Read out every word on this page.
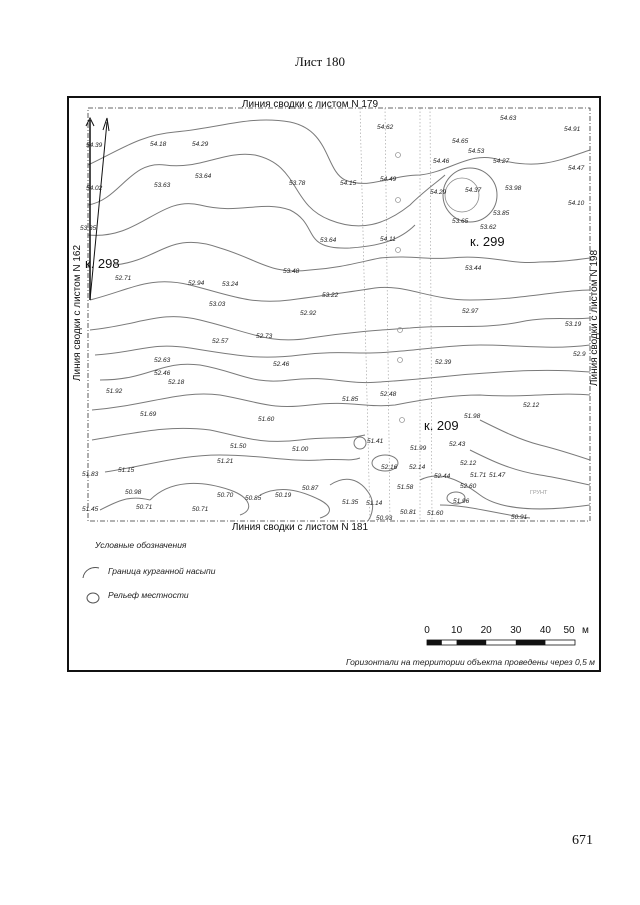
Лист 180
Линия сводки с листом N 179
Линия сводки с листом N 181
Линия сводки с листом N 162	Линия сводки с листом N 198
к. 298
к. 299
к. 209
54.39	54.18	54.29
54.02	53.63
53.64
53.78	54.15
54.62
54.49
54.63
54.65
54.53
54.46	54.27
54.91
54.47
54.29	54.37	53.98
54.10
53.35	53.62
53.85
53.65
53.64	54.11
53.44
52.71
52.94	53.24
53.48
53.22
53.03
52.92	52.97
53.19
52.57
52.73
52.63
52.46
52.46
52.18
52.39
52.9
51.92
51.69
51.60
51.85
52.48
51.98
52.12
51.50
51.41	52.43
51.21
51.00	51.99
52.16 52.14
51.15
51.83
52.12
52.44	51.71 51.47
50.98	50.70 50.85 50.19
50.87	51.58	52.60
51.45	50.71	50.71
51.35 51.14	51.96
50.91
50.93
51.60
50.81
ГРУНТ
Условные обозначения
Граница курганной насыпи
Рельеф местности
0 10 20 30 40 50 м
Горизонтали на территории объекта проведены через 0,5 м
671
